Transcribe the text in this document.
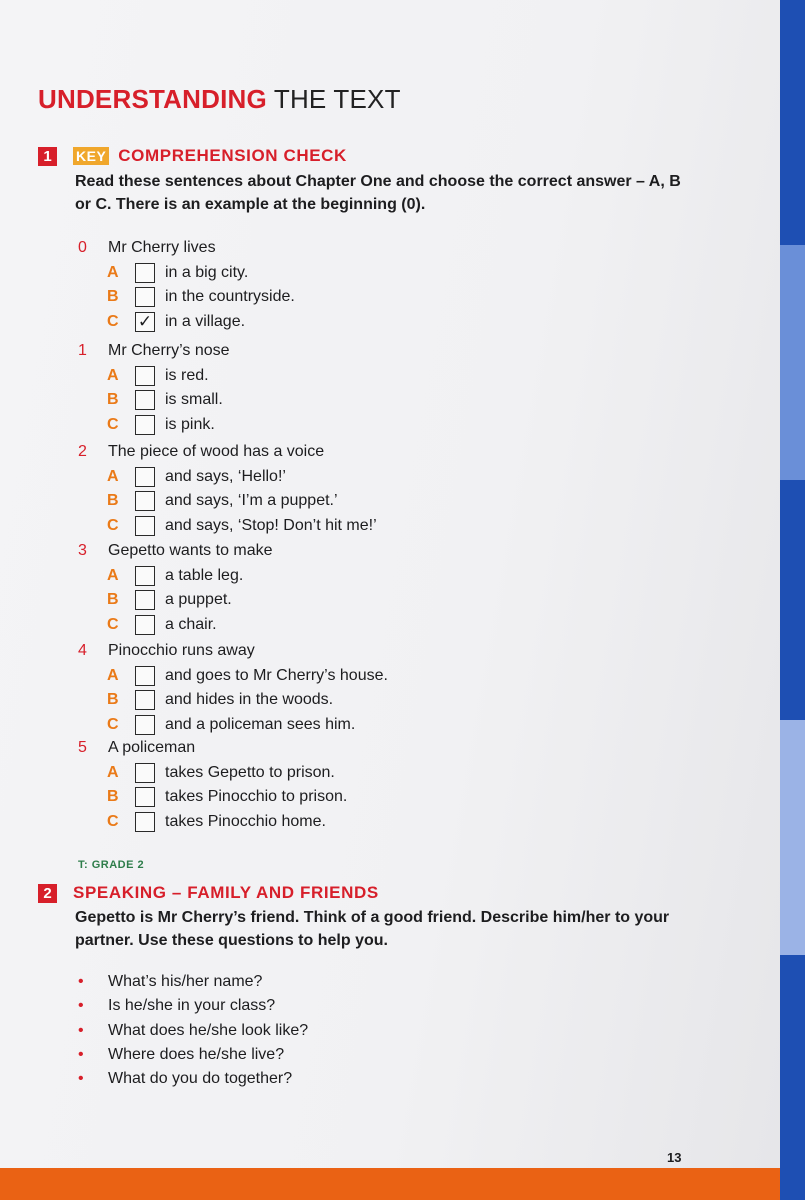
UNDERSTANDING THE TEXT
1	KEY COMPREHENSION CHECK
Read these sentences about Chapter One and choose the correct answer – A, B or C. There is an example at the beginning (0).
0	Mr Cherry lives
A	in a big city.
B	in the countryside.
C	✓ in a village.
1	Mr Cherry’s nose
A	is red.
B	is small.
C	is pink.
2	The piece of wood has a voice
A	and says, ‘Hello!’
B	and says, ‘I’m a puppet.’
C	and says, ‘Stop! Don’t hit me!’
3	Gepetto wants to make
A	a table leg.
B	a puppet.
C	a chair.
4	Pinocchio runs away
A	and goes to Mr Cherry’s house.
B	and hides in the woods.
C	and a policeman sees him.
5	A policeman
A	takes Gepetto to prison.
B	takes Pinocchio to prison.
C	takes Pinocchio home.
T: GRADE 2
2	SPEAKING – FAMILY AND FRIENDS
Gepetto is Mr Cherry’s friend. Think of a good friend. Describe him/her to your partner. Use these questions to help you.
•	What’s his/her name?
•	Is he/she in your class?
•	What does he/she look like?
•	Where does he/she live?
•	What do you do together?
13
